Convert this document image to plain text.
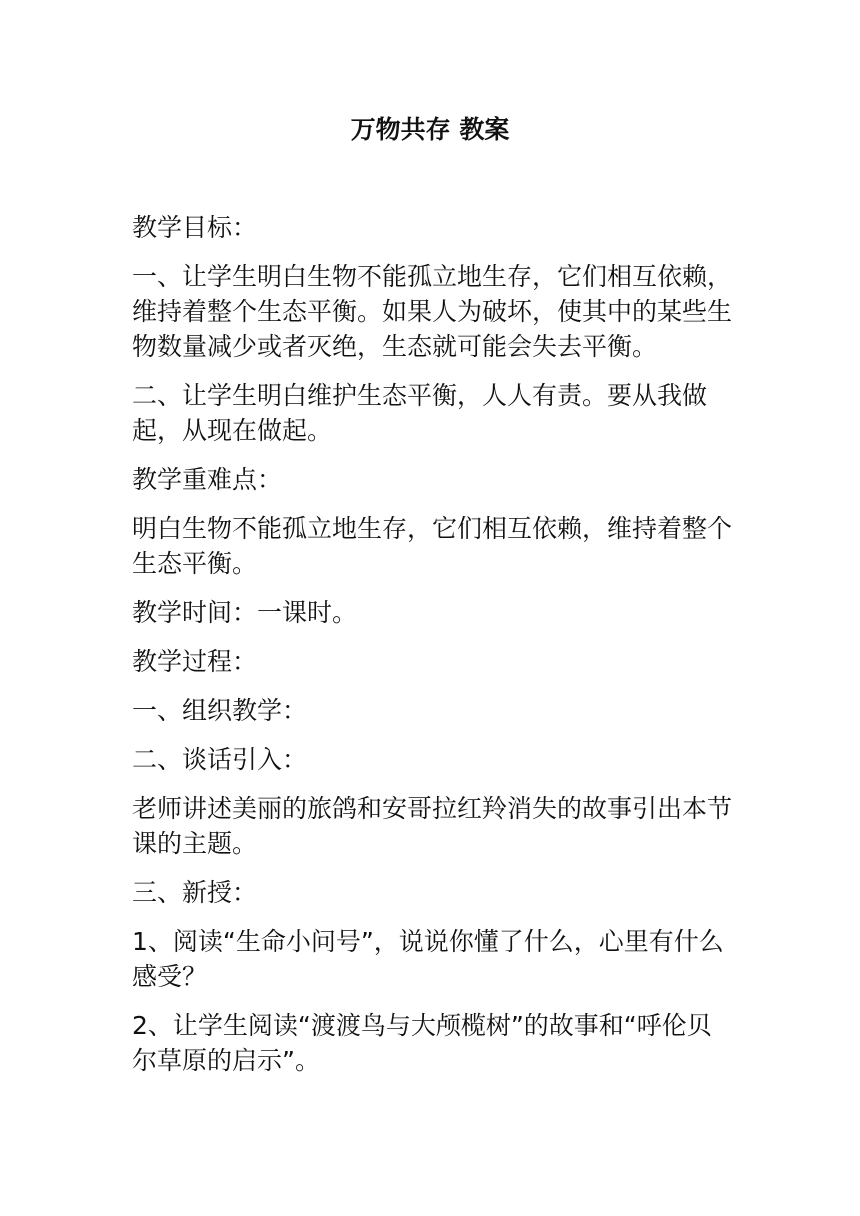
万物共存 教案

教学目标：

一、让学生明白生物不能孤立地生存，它们相互依赖，维持着整个生态平衡。如果人为破坏，使其中的某些生物数量减少或者灭绝，生态就可能会失去平衡。

二、让学生明白维护生态平衡，人人有责。要从我做起，从现在做起。

教学重难点：

明白生物不能孤立地生存，它们相互依赖，维持着整个生态平衡。

教学时间：一课时。

教学过程：

一、组织教学：

二、谈话引入：

老师讲述美丽的旅鸽和安哥拉红羚消失的故事引出本节课的主题。

三、新授：

1、阅读“生命小问号”，说说你懂了什么，心里有什么感受？

2、让学生阅读“渡渡鸟与大颅榄树”的故事和“呼伦贝尔草原的启示”。
